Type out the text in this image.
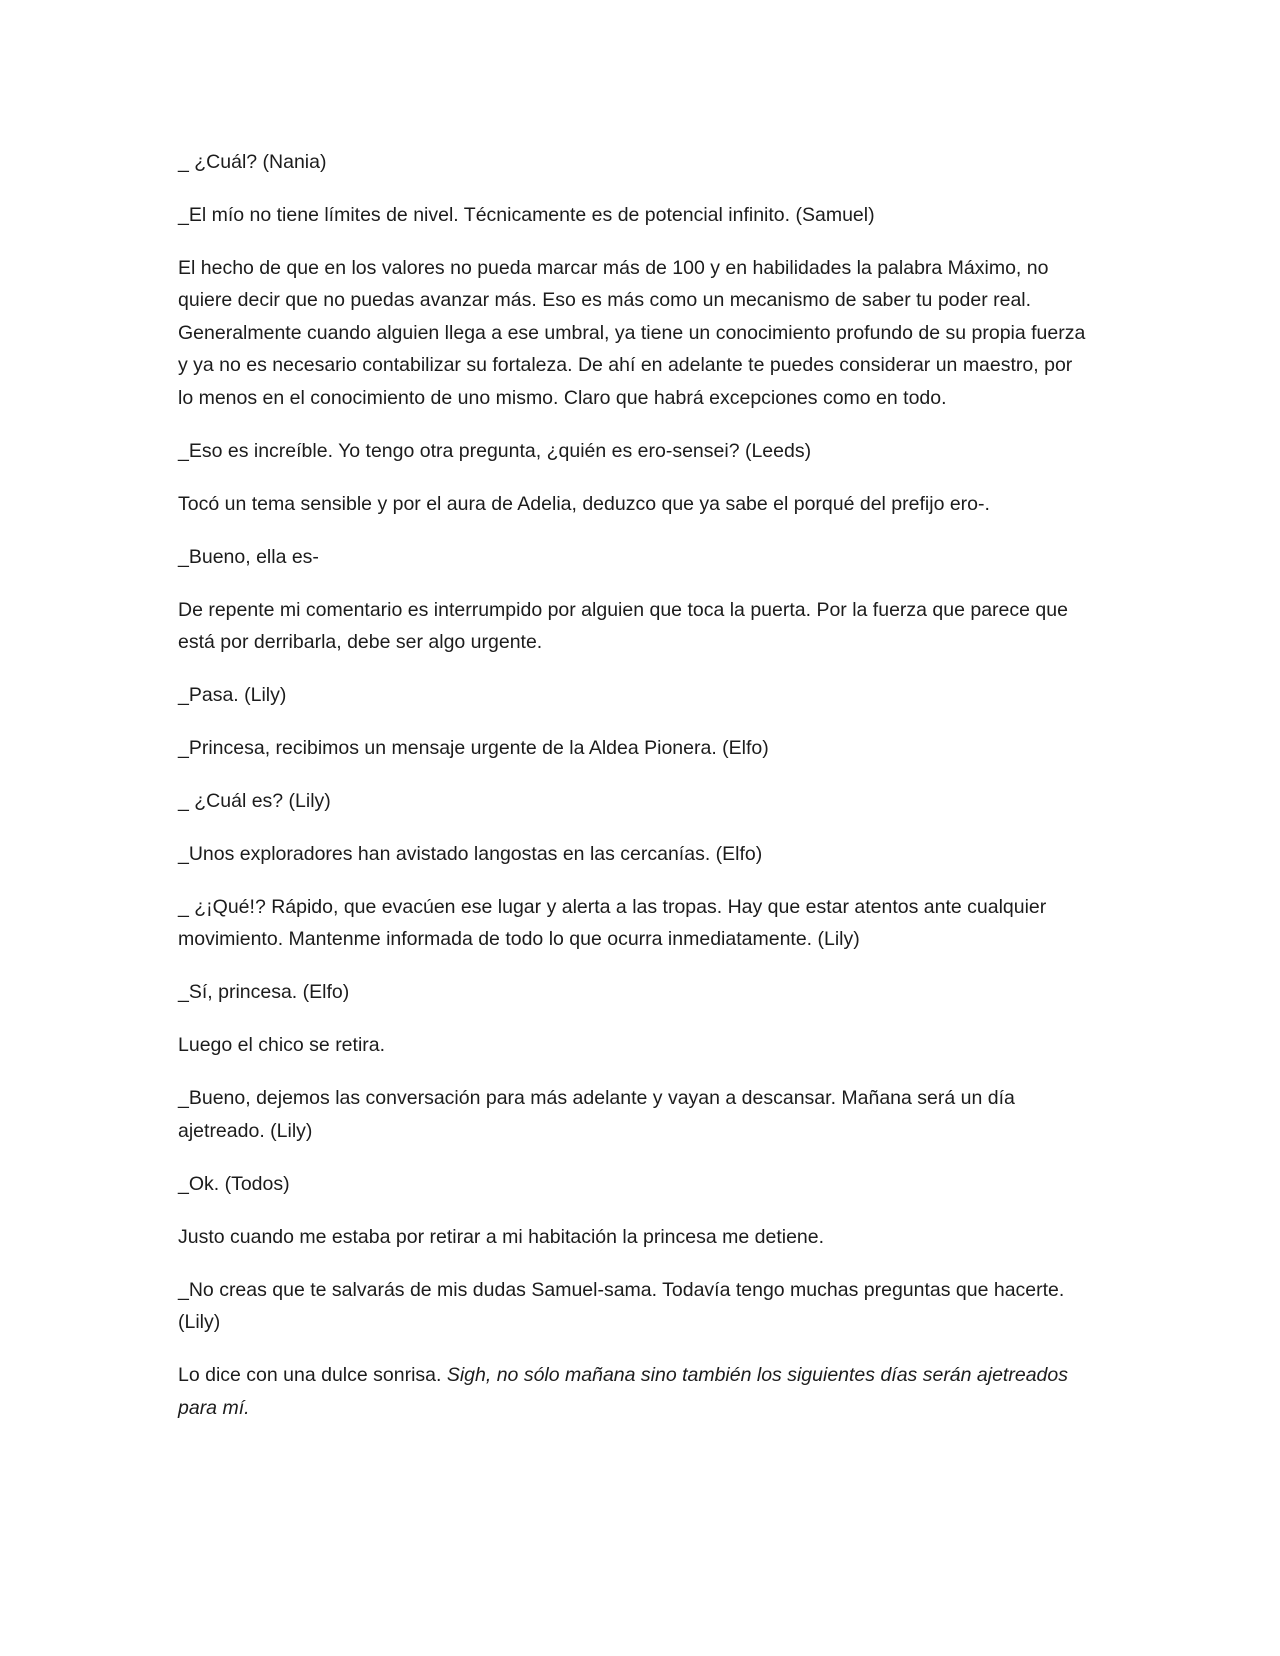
_ ¿Cuál? (Nania)

_El mío no tiene límites de nivel. Técnicamente es de potencial infinito. (Samuel)

El hecho de que en los valores no pueda marcar más de 100 y en habilidades la palabra Máximo, no quiere decir que no puedas avanzar más. Eso es más como un mecanismo de saber tu poder real. Generalmente cuando alguien llega a ese umbral, ya tiene un conocimiento profundo de su propia fuerza y ya no es necesario contabilizar su fortaleza. De ahí en adelante te puedes considerar un maestro, por lo menos en el conocimiento de uno mismo. Claro que habrá excepciones como en todo.

_Eso es increíble. Yo tengo otra pregunta, ¿quién es ero-sensei? (Leeds)

Tocó un tema sensible y por el aura de Adelia, deduzco que ya sabe el porqué del prefijo ero-.

_Bueno, ella es-

De repente mi comentario es interrumpido por alguien que toca la puerta. Por la fuerza que parece que está por derribarla, debe ser algo urgente.

_Pasa. (Lily)

_Princesa, recibimos un mensaje urgente de la Aldea Pionera. (Elfo)

_ ¿Cuál es? (Lily)

_Unos exploradores han avistado langostas en las cercanías. (Elfo)

_ ¿¡Qué!? Rápido, que evacúen ese lugar y alerta a las tropas. Hay que estar atentos ante cualquier movimiento. Mantenme informada de todo lo que ocurra inmediatamente. (Lily)

_Sí, princesa. (Elfo)

Luego el chico se retira.

_Bueno, dejemos las conversación para más adelante y vayan a descansar. Mañana será un día ajetreado. (Lily)

_Ok. (Todos)

Justo cuando me estaba por retirar a mi habitación la princesa me detiene.

_No creas que te salvarás de mis dudas Samuel-sama. Todavía tengo muchas preguntas que hacerte. (Lily)

Lo dice con una dulce sonrisa. Sigh, no sólo mañana sino también los siguientes días serán ajetreados para mí.
